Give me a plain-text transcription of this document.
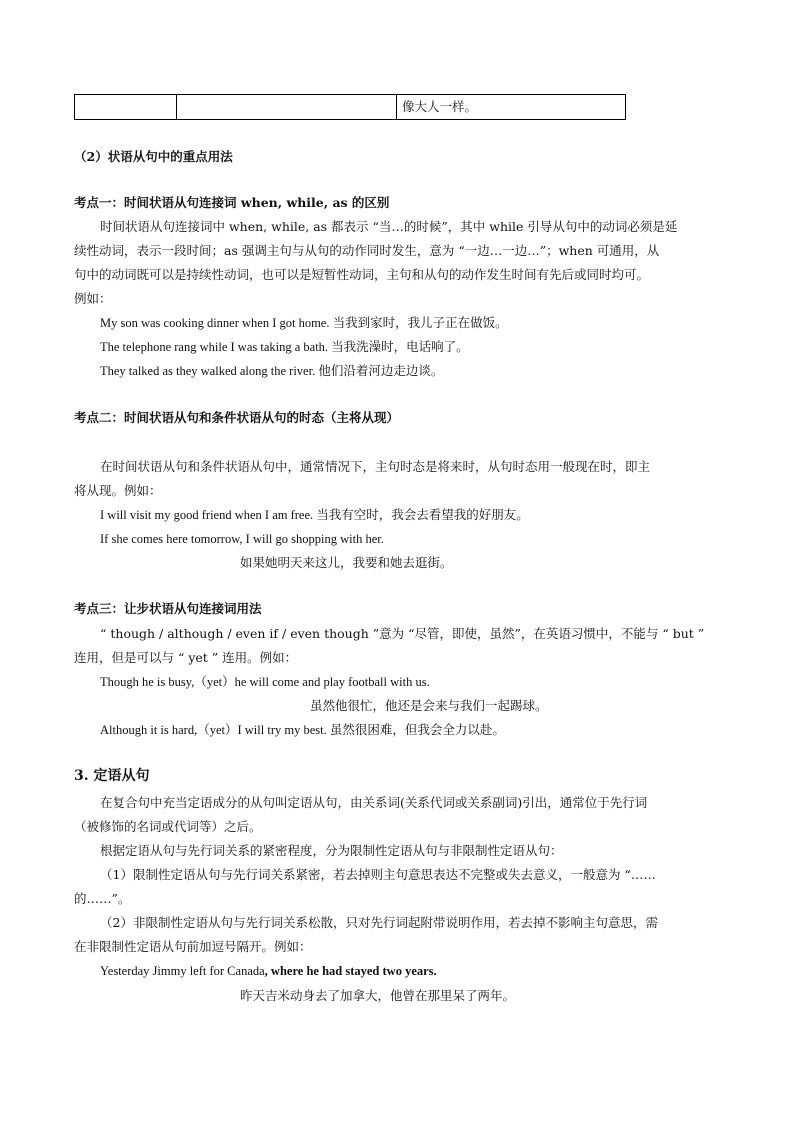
像大人一样。
（2）状语从句中的重点用法
考点一：时间状语从句连接词 when, while, as 的区别
时间状语从句连接词中 when, while, as 都表示 “当…的时候”，其中 while 引导从句中的动词必须是延
续性动词，表示一段时间；as 强调主句与从句的动作同时发生，意为 “一边…一边…”；when 可通用，从
句中的动词既可以是持续性动词，也可以是短暂性动词，主句和从句的动作发生时间有先后或同时均可。
例如：
My son was cooking dinner when I got home. 当我到家时，我儿子正在做饭。
The telephone rang while I was taking a bath. 当我洗澡时，电话响了。
They talked as they walked along the river. 他们沿着河边走边谈。
考点二：时间状语从句和条件状语从句的时态（主将从现）
在时间状语从句和条件状语从句中，通常情况下，主句时态是将来时，从句时态用一般现在时，即主
将从现。例如：
I will visit my good friend when I am free. 当我有空时，我会去看望我的好朋友。
If she comes here tomorrow, I will go shopping with her.
如果她明天来这儿，我要和她去逛街。
考点三：让步状语从句连接词用法
“ though / although / even if / even though ”意为 “尽管，即使，虽然”，在英语习惯中，不能与 “ but ”
连用，但是可以与 “ yet ” 连用。例如：
Though he is busy,（yet）he will come and play football with us.
虽然他很忙，他还是会来与我们一起踢球。
Although it is hard,（yet）I will try my best. 虽然很困难，但我会全力以赴。
3. 定语从句
在复合句中充当定语成分的从句叫定语从句，由关系词(关系代词或关系副词)引出，通常位于先行词
（被修饰的名词或代词等）之后。
根据定语从句与先行词关系的紧密程度，分为限制性定语从句与非限制性定语从句：
（1）限制性定语从句与先行词关系紧密，若去掉则主句意思表达不完整或失去意义，一般意为 “……
的……”。
（2）非限制性定语从句与先行词关系松散，只对先行词起附带说明作用，若去掉不影响主句意思，需
在非限制性定语从句前加逗号隔开。例如：
Yesterday Jimmy left for Canada, where he had stayed two years.
昨天吉米动身去了加拿大，他曾在那里呆了两年。
